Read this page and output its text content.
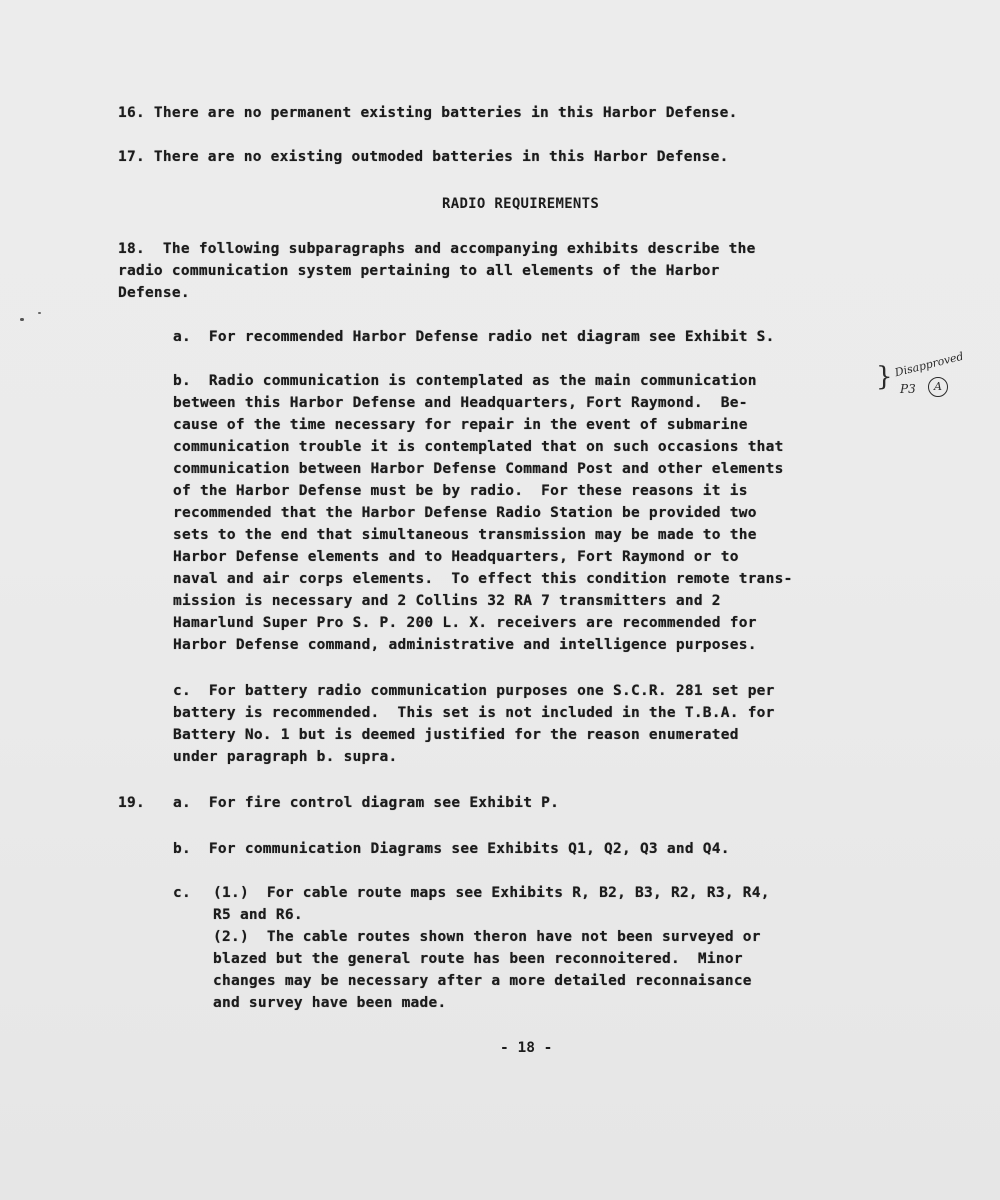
16. There are no permanent existing batteries in this Harbor Defense.

17. There are no existing outmoded batteries in this Harbor Defense.

RADIO REQUIREMENTS

18.  The following subparagraphs and accompanying exhibits describe the

radio communication system pertaining to all elements of the Harbor

Defense.

a.  For recommended Harbor Defense radio net diagram see Exhibit S.

b.  Radio communication is contemplated as the main communication

between this Harbor Defense and Headquarters, Fort Raymond.  Be-

cause of the time necessary for repair in the event of submarine

communication trouble it is contemplated that on such occasions that

communication between Harbor Defense Command Post and other elements

of the Harbor Defense must be by radio.  For these reasons it is

recommended that the Harbor Defense Radio Station be provided two

sets to the end that simultaneous transmission may be made to the

Harbor Defense elements and to Headquarters, Fort Raymond or to

naval and air corps elements.  To effect this condition remote trans-

mission is necessary and 2 Collins 32 RA 7 transmitters and 2

Hamarlund Super Pro S. P. 200 L. X. receivers are recommended for

Harbor Defense command, administrative and intelligence purposes.

c.  For battery radio communication purposes one S.C.R. 281 set per

battery is recommended.  This set is not included in the T.B.A. for

Battery No. 1 but is deemed justified for the reason enumerated

under paragraph b. supra.

19. a.  For fire control diagram see Exhibit P.

b.  For communication Diagrams see Exhibits Q1, Q2, Q3 and Q4.

c. (1.)  For cable route maps see Exhibits R, B2, B3, R2, R3, R4,

R5 and R6.

(2.)  The cable routes shown theron have not been surveyed or

blazed but the general route has been reconnoitered.  Minor

changes may be necessary after a more detailed reconnaisance

and survey have been made.

} Disapproved
P3	A

- 18 -
